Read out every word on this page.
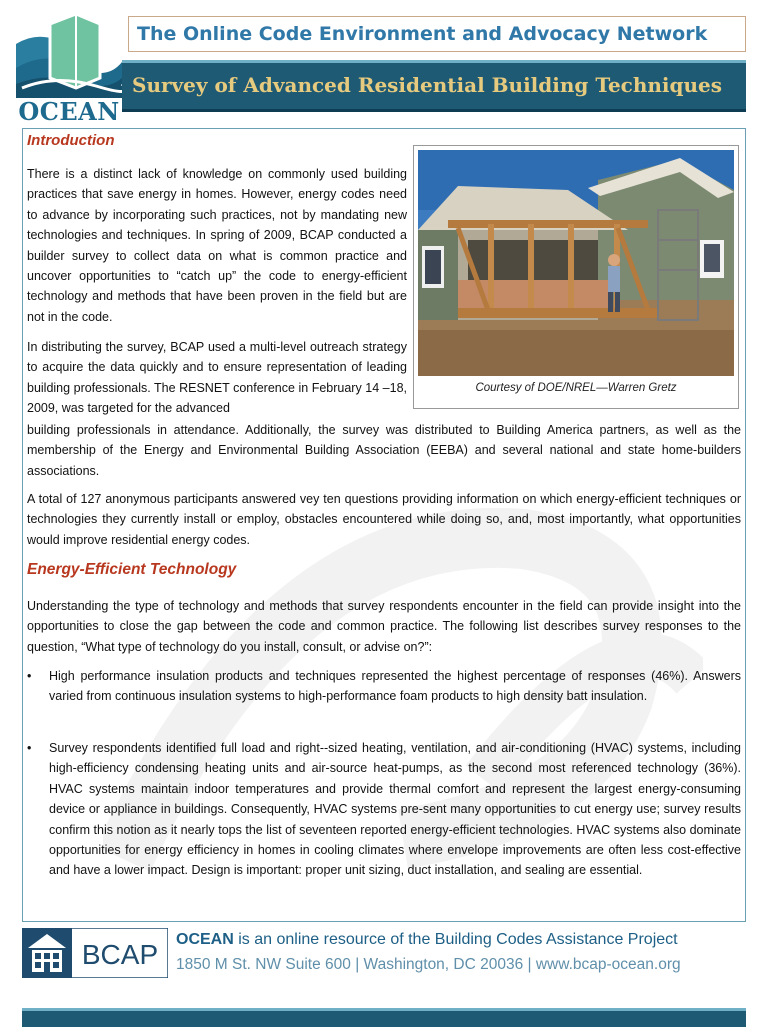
OCEAN
The Online Code Environment and Advocacy Network
Survey of Advanced Residential Building Techniques
Introduction

There is a distinct lack of knowledge on commonly used building practices that save energy in homes. However, energy codes need to advance by incorporating such practices, not by mandating new technologies and techniques. In spring of 2009, BCAP conducted a builder survey to collect data on what is common practice and uncover opportunities to “catch up” the code to energy-efficient technology and methods that have been proven in the field but are not in the code.

In distributing the survey, BCAP used a multi-level outreach strategy to acquire the data quickly and to ensure representation of leading building professionals. The RESNET conference in February 14 –18, 2009, was targeted for the advanced

building professionals in attendance. Additionally, the survey was distributed to Building America partners, as well as the membership of the Energy and Environmental Building Association (EEBA) and several national and state home-builders associations.

A total of 127 anonymous participants answered vey ten questions providing information on which energy-efficient techniques or technologies they currently install or employ, obstacles encountered while doing so, and, most importantly, what opportunities would improve residential energy codes.

Courtesy of DOE/NREL—Warren Gretz
Energy-Efficient Technology

Understanding the type of technology and methods that survey respondents encounter in the field can provide insight into the opportunities to close the gap between the code and common practice. The following list describes survey responses to the question, “What type of technology do you install, consult, or advise on?”:

•	High performance insulation products and techniques represented the highest percentage of responses (46%). Answers varied from continuous insulation systems to high-performance foam products to high density batt insulation.

•	Survey respondents identified full load and right-‐sized heating, ventilation, and air-conditioning (HVAC) systems, including high-efficiency condensing heating units and air-source heat-pumps, as the second most referenced technology (36%). HVAC systems maintain indoor temperatures and provide thermal comfort and represent the largest energy-consuming device or appliance in buildings. Consequently, HVAC systems pre-sent many opportunities to cut energy use; survey results confirm this notion as it nearly tops the list of seventeen reported energy-efficient technologies. HVAC systems also dominate opportunities for energy efficiency in homes in cooling climates where envelope improvements are often less cost-effective and have a lower impact. Design is important: proper unit sizing, duct installation, and sealing are essential.

BCAP OCEAN is an online resource of the Building Codes Assistance Project

1850 M St. NW Suite 600 | Washington, DC 20036 | www.bcap-ocean.org
